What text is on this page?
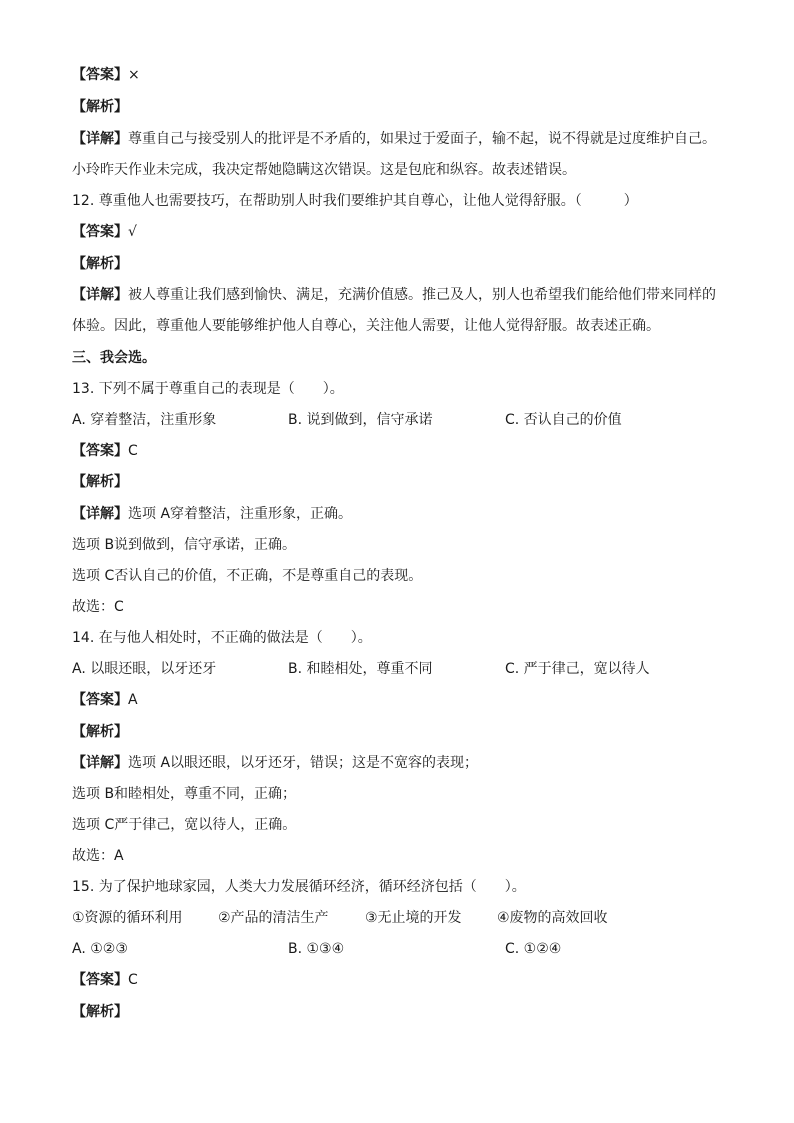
【答案】×
【解析】
【详解】尊重自己与接受别人的批评是不矛盾的，如果过于爱面子，输不起，说不得就是过度维护自己。
小玲昨天作业未完成，我决定帮她隐瞒这次错误。这是包庇和纵容。故表述错误。
12. 尊重他人也需要技巧，在帮助别人时我们要维护其自尊心，让他人觉得舒服。（　　　）
【答案】√
【解析】
【详解】被人尊重让我们感到愉快、满足，充满价值感。推己及人，别人也希望我们能给他们带来同样的
体验。因此，尊重他人要能够维护他人自尊心，关注他人需要，让他人觉得舒服。故表述正确。
三、我会选。
13. 下列不属于尊重自己的表现是（　　）。
A. 穿着整洁，注重形象	B. 说到做到，信守承诺	C. 否认自己的价值
【答案】C
【解析】
【详解】选项 A穿着整洁，注重形象，正确。
选项 B说到做到，信守承诺，正确。
选项 C否认自己的价值，不正确，不是尊重自己的表现。
故选：C
14. 在与他人相处时，不正确的做法是（　　）。
A. 以眼还眼，以牙还牙	B. 和睦相处，尊重不同	C. 严于律己，宽以待人
【答案】A
【解析】
【详解】选项 A以眼还眼，以牙还牙，错误；这是不宽容的表现；
选项 B和睦相处，尊重不同，正确；
选项 C严于律己，宽以待人，正确。
故选：A
15. 为了保护地球家园，人类大力发展循环经济，循环经济包括（　　）。
①资源的循环利用	②产品的清洁生产	③无止境的开发	④废物的高效回收
A. ①②③	B. ①③④	C. ①②④
【答案】C
【解析】
